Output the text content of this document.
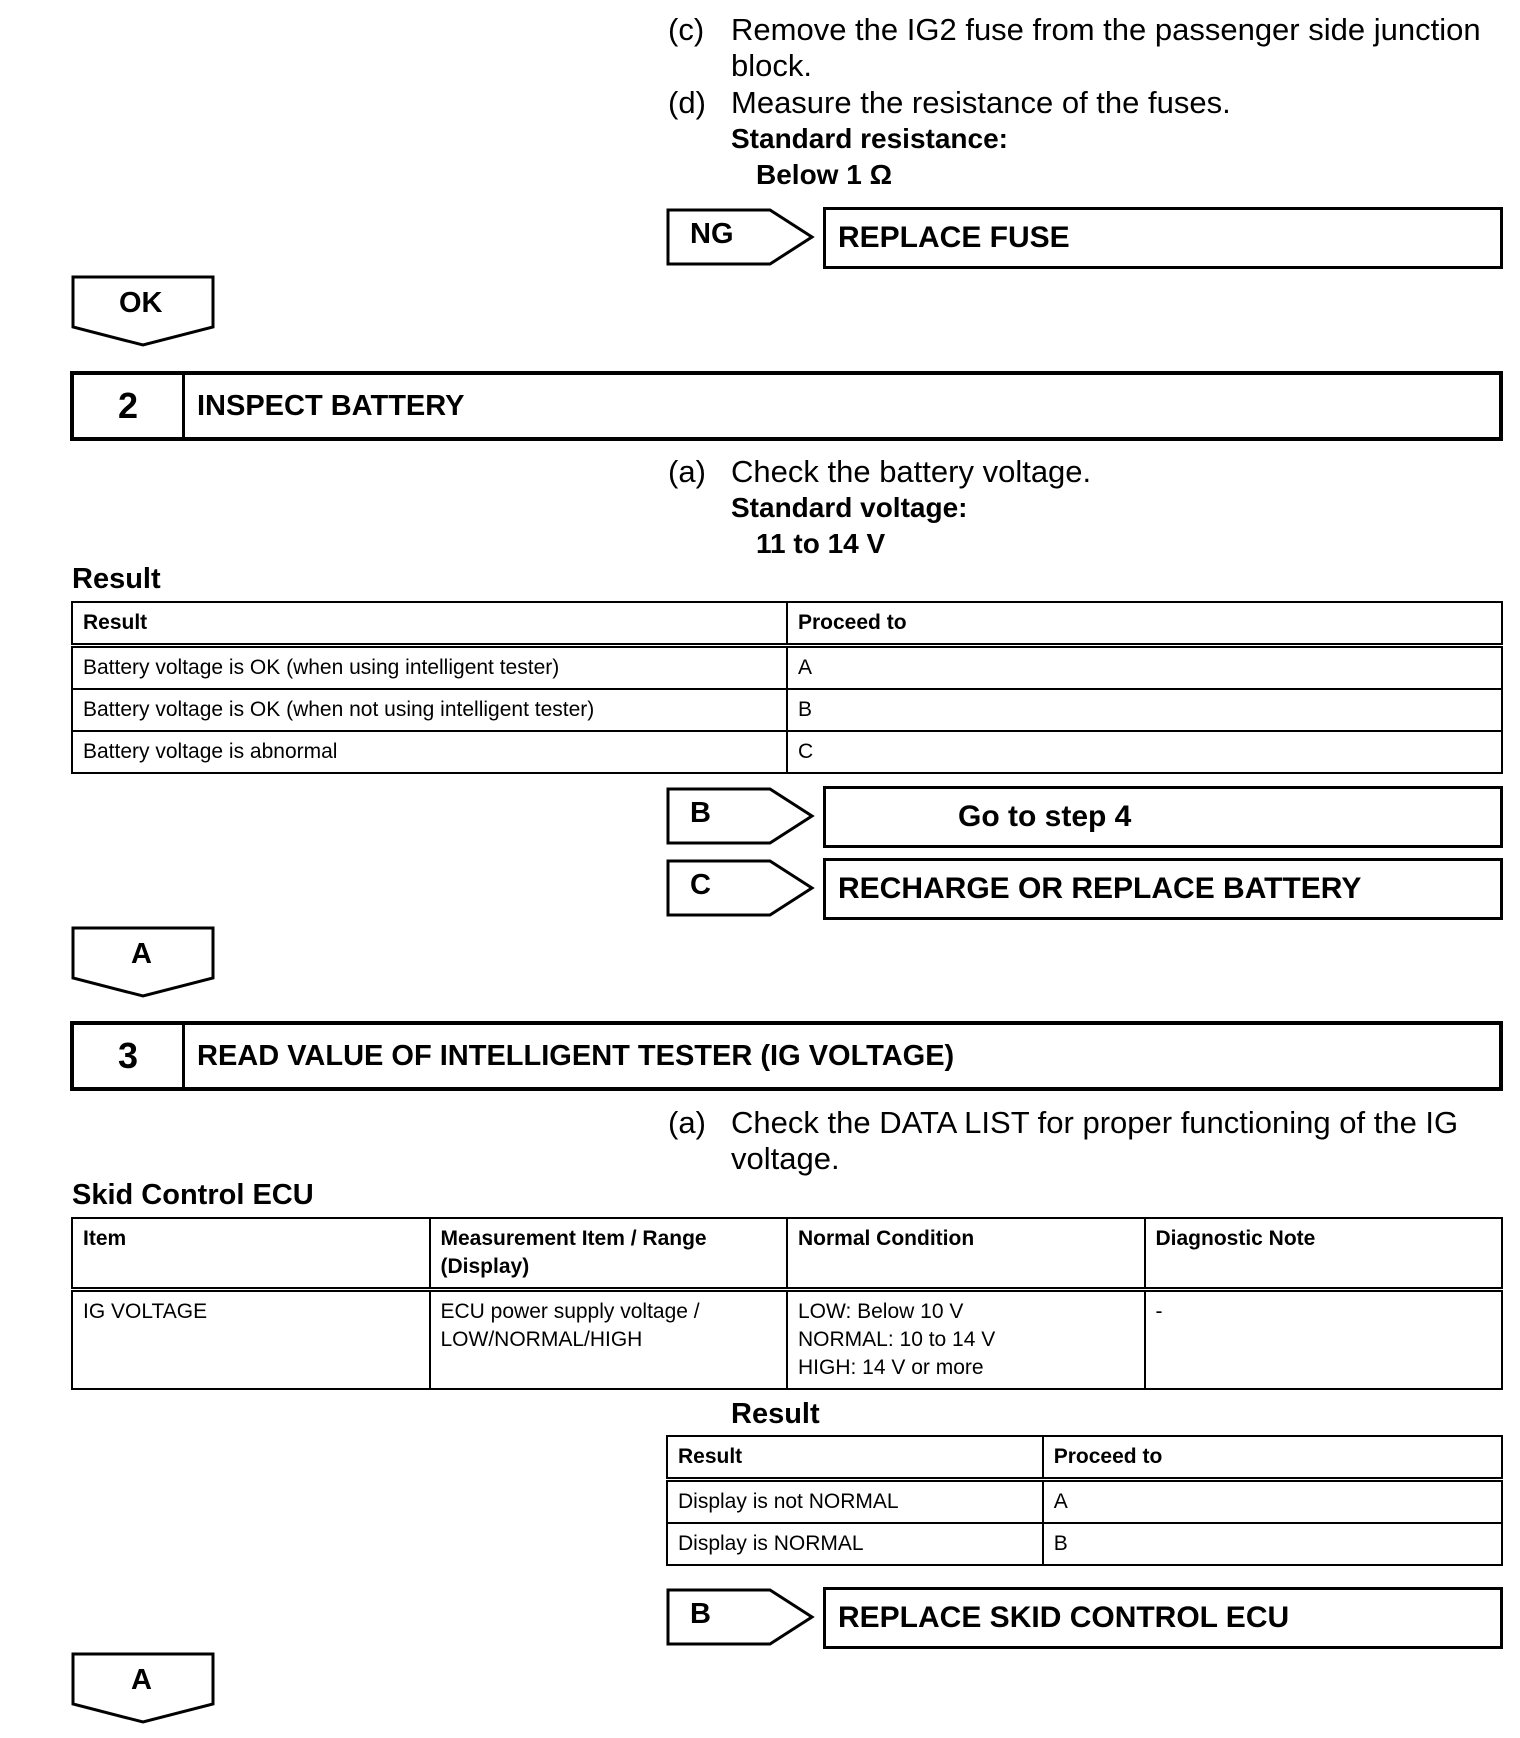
(c) Remove the IG2 fuse from the passenger side junction
block.
(d) Measure the resistance of the fuses.
Standard resistance:
Below 1 Ω
NG	REPLACE FUSE
OK
2	INSPECT BATTERY
(a) Check the battery voltage.
Standard voltage:
11 to 14 V
Result
Result	Proceed to
Battery voltage is OK (when using intelligent tester)	A
Battery voltage is OK (when not using intelligent tester)	B
Battery voltage is abnormal	C
B	Go to step 4
C	RECHARGE OR REPLACE BATTERY
A
3	READ VALUE OF INTELLIGENT TESTER (IG VOLTAGE)
(a) Check the DATA LIST for proper functioning of the IG
voltage.
Skid Control ECU
Item	Measurement Item / Range (Display)	Normal Condition	Diagnostic Note
IG VOLTAGE	ECU power supply voltage / LOW/NORMAL/HIGH	LOW: Below 10 V
NORMAL: 10 to 14 V
HIGH: 14 V or more	-
Result
Result	Proceed to
Display is not NORMAL	A
Display is NORMAL	B
B	REPLACE SKID CONTROL ECU
A
